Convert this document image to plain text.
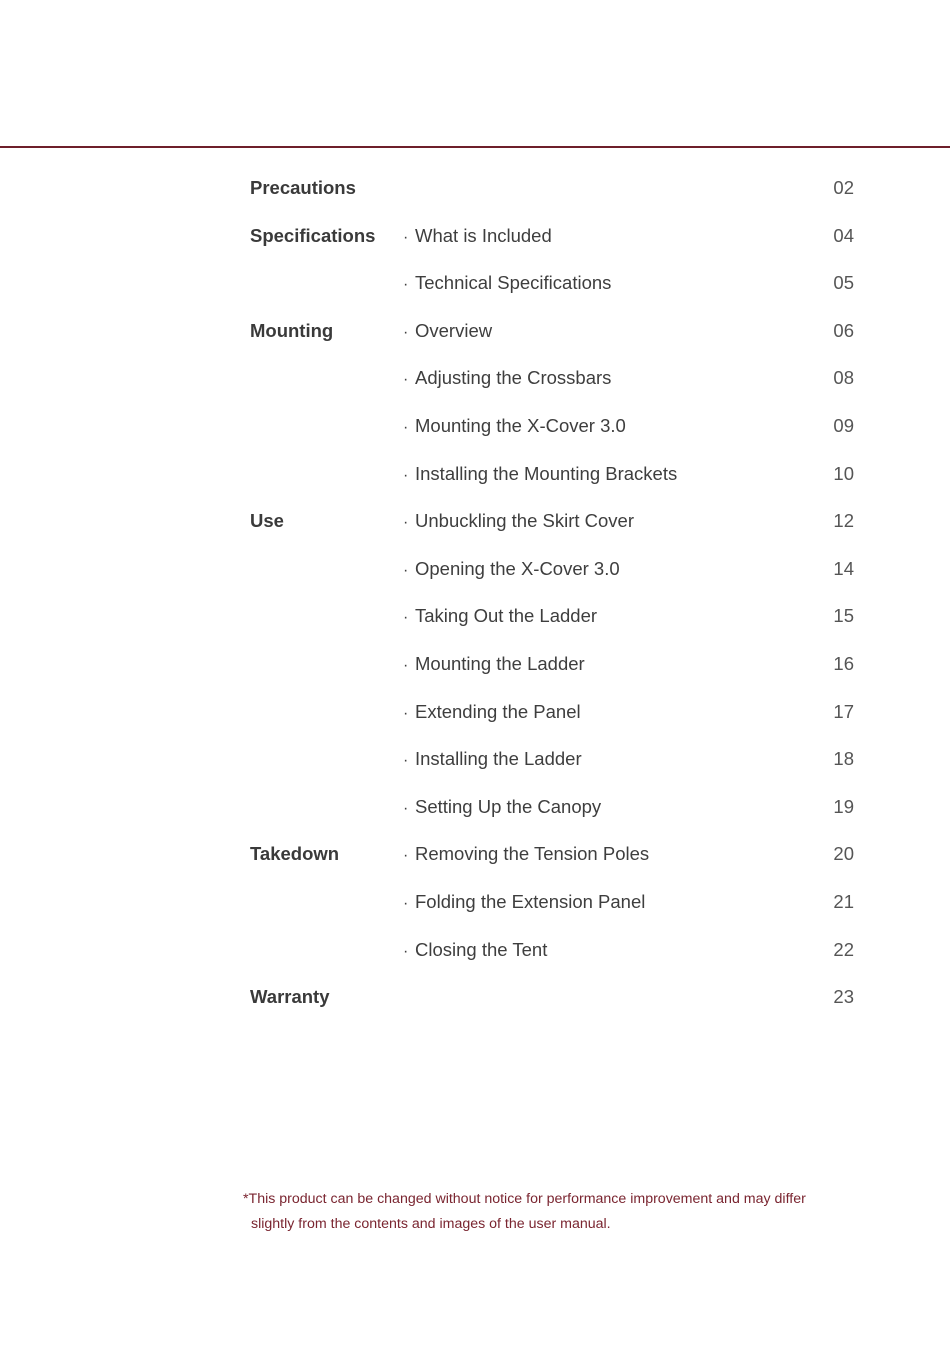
Precautions	02
Specifications · What is Included	04
· Technical Specifications	05
Mounting	· Overview	06
· Adjusting the Crossbars	08
· Mounting the X-Cover 3.0	09
· Installing the Mounting Brackets	10
Use	· Unbuckling the Skirt Cover	12
· Opening the X-Cover 3.0	14
· Taking Out the Ladder	15
· Mounting the Ladder	16
· Extending the Panel	17
· Installing the Ladder	18
· Setting Up the Canopy	19
Takedown	· Removing the Tension Poles	20
· Folding the Extension Panel	21
· Closing the Tent	22
Warranty	23
*This product can be changed without notice for performance improvement and may differ
slightly from the contents and images of the user manual.
